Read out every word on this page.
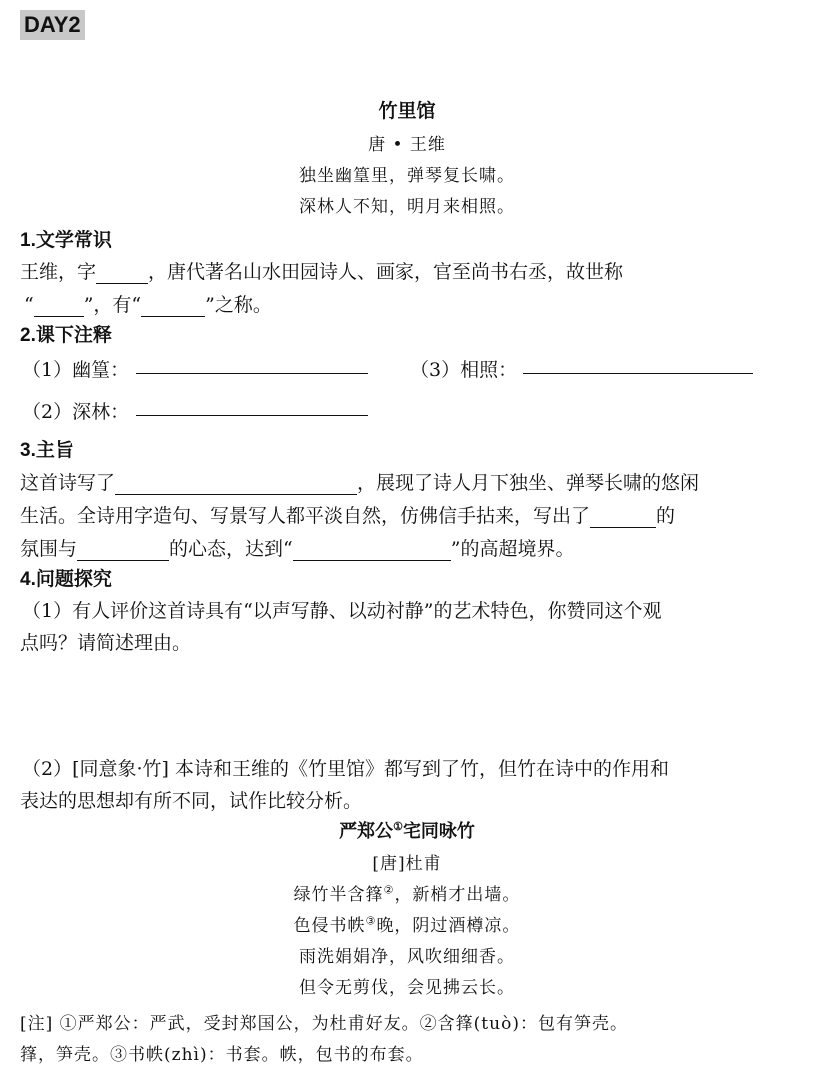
DAY2
竹里馆
唐 • 王维
独坐幽篁里，弹琴复长啸。
深林人不知，明月来相照。
1.文学常识
王维，字	，唐代著名山水田园诗人、画家，官至尚书右丞，故世称
“	”，有“	”之称。
2.课下注释
（1）幽篁：	（3）相照：
（2）深林：
3.主旨
这首诗写了	，展现了诗人月下独坐、弹琴长啸的悠闲
生活。全诗用字造句、写景写人都平淡自然，仿佛信手拈来，写出了	的
氛围与	的心态，达到“	”的高超境界。
4.问题探究
（1）有人评价这首诗具有“以声写静、以动衬静”的艺术特色，你赞同这个观
点吗？请简述理由。
（2）[同意象·竹] 本诗和王维的《竹里馆》都写到了竹，但竹在诗中的作用和
表达的思想却有所不同，试作比较分析。
严郑公①宅同咏竹
[唐]杜甫
绿竹半含箨②，新梢才出墙。
色侵书帙③晚，阴过酒樽凉。
雨洗娟娟净，风吹细细香。
但令无剪伐，会见拂云长。
[注] ①严郑公：严武，受封郑国公，为杜甫好友。②含箨(tuò)：包有笋壳。
箨，笋壳。③书帙(zhì)：书套。帙，包书的布套。
